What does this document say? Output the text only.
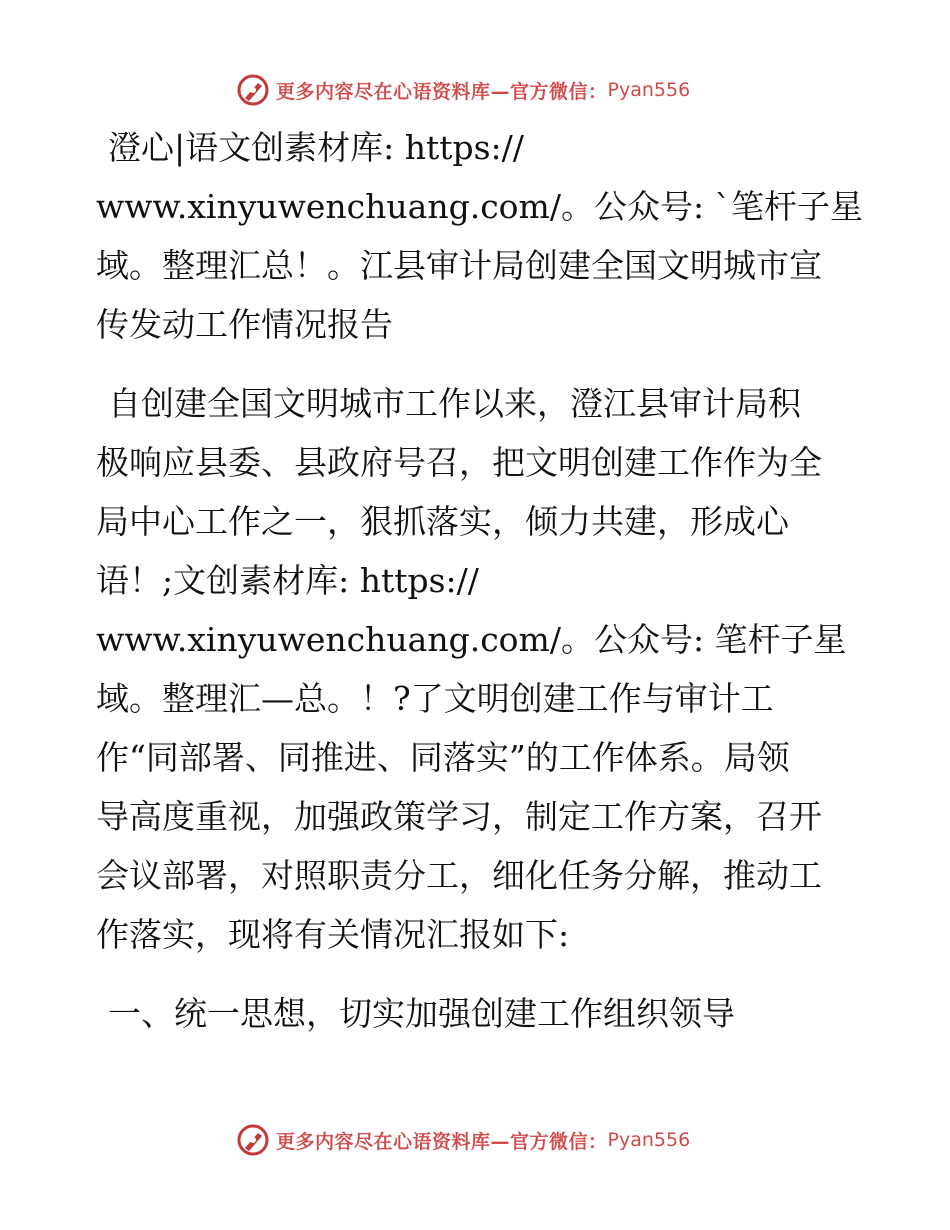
更多内容尽在心语资料库—官方微信： Pyan556

澄心|语文创素材库: https://
www.xinyuwenchuang.com/。公众号: `笔杆子星
域。整理汇总！。江县审计局创建全国文明城市宣
传发动工作情况报告

自创建全国文明城市工作以来，澄江县审计局积
极响应县委、县政府号召，把文明创建工作作为全
局中心工作之一，狠抓落实，倾力共建，形成心
语！;文创素材库: https://
www.xinyuwenchuang.com/。公众号: 笔杆子星
域。整理汇—总。！?了文明创建工作与审计工
作“同部署、同推进、同落实”的工作体系。局领
导高度重视，加强政策学习，制定工作方案，召开
会议部署，对照职责分工，细化任务分解，推动工
作落实，现将有关情况汇报如下:

一、统一思想，切实加强创建工作组织领导

更多内容尽在心语资料库—官方微信： Pyan556
